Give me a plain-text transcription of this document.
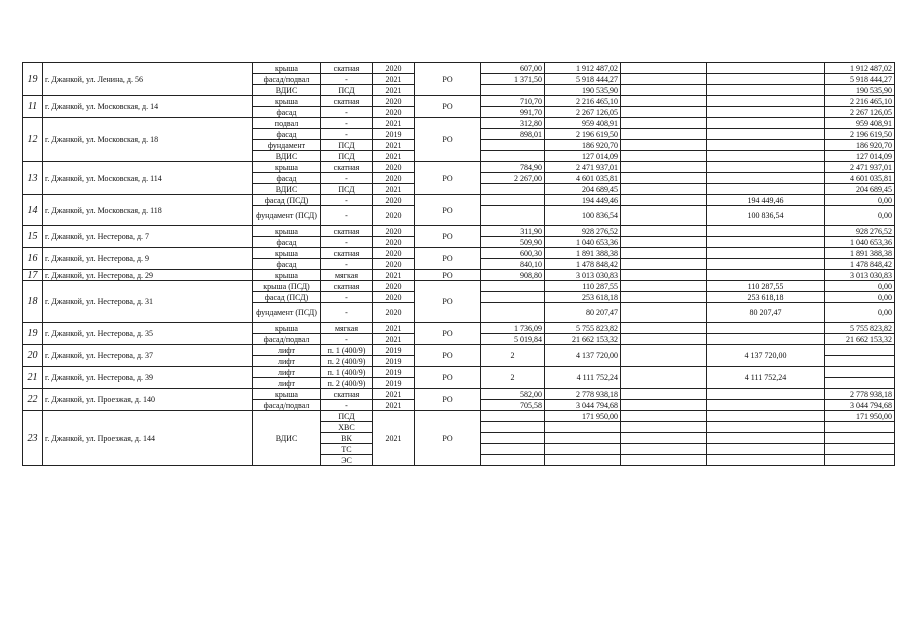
19	г. Джанкой, ул. Ленина, д. 56	крыша	скатная	2020	РО	607,00	1 912 487,02			1 912 487,02
		фасад/подвал	-	2021		1 371,50	5 918 444,27			5 918 444,27
		ВДИС	ПСД	2021			190 535,90			190 535,90
11	г. Джанкой, ул. Московская, д. 14	крыша	скатная	2020	РО	710,70	2 216 465,10			2 216 465,10
		фасад	-	2020		991,70	2 267 126,05			2 267 126,05
12	г. Джанкой, ул. Московская, д. 18	подвал	-	2021	РО	312,80	959 408,91			959 408,91
		фасад	-	2019		898,01	2 196 619,50			2 196 619,50
		фундамент	ПСД	2021			186 920,70			186 920,70
		ВДИС	ПСД	2021			127 014,09			127 014,09
13	г. Джанкой, ул. Московская, д. 114	крыша	скатная	2020	РО	784,90	2 471 937,01			2 471 937,01
		фасад	-	2020		2 267,00	4 601 035,81			4 601 035,81
		ВДИС	ПСД	2021			204 689,45			204 689,45
14	г. Джанкой, ул. Московская, д. 118	фасад (ПСД)	-	2020	РО		194 449,46		194 449,46	0,00
		фундамент (ПСД)	-	2020			100 836,54		100 836,54	0,00
15	г. Джанкой, ул. Нестерова, д. 7	крыша	скатная	2020	РО	311,90	928 276,52			928 276,52
		фасад	-	2020		509,90	1 040 653,36			1 040 653,36
16	г. Джанкой, ул. Нестерова, д. 9	крыша	скатная	2020	РО	600,30	1 891 388,38			1 891 388,38
		фасад	-	2020		840,10	1 478 848,42			1 478 848,42
17	г. Джанкой, ул. Нестерова, д. 29	крыша	мягкая	2021	РО	908,80	3 013 030,83			3 013 030,83
18	г. Джанкой, ул. Нестерова, д. 31	крыша (ПСД)	скатная	2020	РО		110 287,55		110 287,55	0,00
		фасад (ПСД)	-	2020			253 618,18		253 618,18	0,00
		фундамент (ПСД)	-	2020			80 207,47		80 207,47	0,00
19	г. Джанкой, ул. Нестерова, д. 35	крыша	мягкая	2021	РО	1 736,09	5 755 823,82			5 755 823,82
		фасад/подвал	-	2021		5 019,84	21 662 153,32			21 662 153,32
20	г. Джанкой, ул. Нестерова, д. 37	лифт	п. 1 (400/9)	2019	РО	2	4 137 720,00		4 137 720,00	
		лифт	п. 2 (400/9)	2019						
21	г. Джанкой, ул. Нестерова, д. 39	лифт	п. 1 (400/9)	2019	РО	2	4 111 752,24		4 111 752,24	
		лифт	п. 2 (400/9)	2019						
22	г. Джанкой, ул. Проезжая, д. 140	крыша	скатная	2021	РО	582,00	2 778 938,18			2 778 938,18
		фасад/подвал	-	2021		705,58	3 044 794,68			3 044 794,68
23	г. Джанкой, ул. Проезжая, д. 144	ВДИС	ПСД	2021	РО		171 950,00			171 950,00
			ХВС							
			ВК							
			ТС							
			ЭС							
